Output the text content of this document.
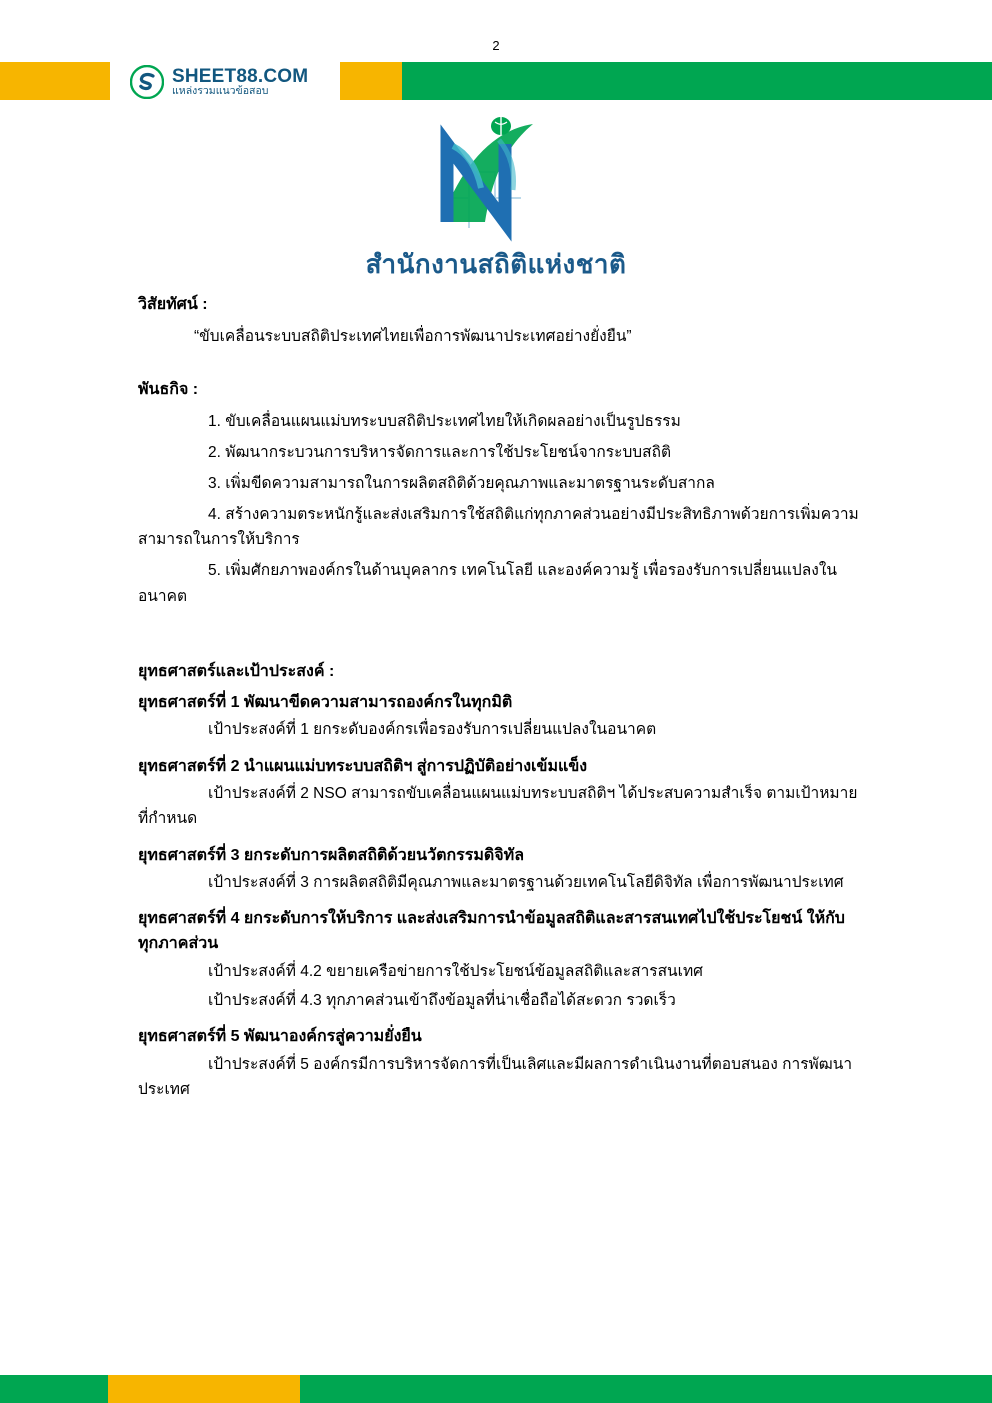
2
SHEET88.COM
แหล่งรวมแนวข้อสอบ
สำนักงานสถิติแห่งชาติ
วิสัยทัศน์ :
“ขับเคลื่อนระบบสถิติประเทศไทยเพื่อการพัฒนาประเทศอย่างยั่งยืน”
พันธกิจ :
1. ขับเคลื่อนแผนแม่บทระบบสถิติประเทศไทยให้เกิดผลอย่างเป็นรูปธรรม
2. พัฒนากระบวนการบริหารจัดการและการใช้ประโยชน์จากระบบสถิติ
3. เพิ่มขีดความสามารถในการผลิตสถิติด้วยคุณภาพและมาตรฐานระดับสากล
4. สร้างความตระหนักรู้และส่งเสริมการใช้สถิติแก่ทุกภาคส่วนอย่างมีประสิทธิภาพด้วยการเพิ่มความสามารถในการให้บริการ
5. เพิ่มศักยภาพองค์กรในด้านบุคลากร เทคโนโลยี และองค์ความรู้ เพื่อรองรับการเปลี่ยนแปลงในอนาคต
ยุทธศาสตร์และเป้าประสงค์ :
ยุทธศาสตร์ที่ 1 พัฒนาขีดความสามารถองค์กรในทุกมิติ
เป้าประสงค์ที่ 1 ยกระดับองค์กรเพื่อรองรับการเปลี่ยนแปลงในอนาคต
ยุทธศาสตร์ที่ 2 นำแผนแม่บทระบบสถิติฯ สู่การปฏิบัติอย่างเข้มแข็ง
เป้าประสงค์ที่ 2 NSO สามารถขับเคลื่อนแผนแม่บทระบบสถิติฯ ได้ประสบความสำเร็จ ตามเป้าหมายที่กำหนด
ยุทธศาสตร์ที่ 3 ยกระดับการผลิตสถิติด้วยนวัตกรรมดิจิทัล
เป้าประสงค์ที่ 3 การผลิตสถิติมีคุณภาพและมาตรฐานด้วยเทคโนโลยีดิจิทัล เพื่อการพัฒนาประเทศ
ยุทธศาสตร์ที่ 4 ยกระดับการให้บริการ และส่งเสริมการนำข้อมูลสถิติและสารสนเทศไปใช้ประโยชน์ ให้กับทุกภาคส่วน
เป้าประสงค์ที่ 4.2 ขยายเครือข่ายการใช้ประโยชน์ข้อมูลสถิติและสารสนเทศ
เป้าประสงค์ที่ 4.3 ทุกภาคส่วนเข้าถึงข้อมูลที่น่าเชื่อถือได้สะดวก รวดเร็ว
ยุทธศาสตร์ที่ 5 พัฒนาองค์กรสู่ความยั่งยืน
เป้าประสงค์ที่ 5 องค์กรมีการบริหารจัดการที่เป็นเลิศและมีผลการดำเนินงานที่ตอบสนอง การพัฒนาประเทศ
